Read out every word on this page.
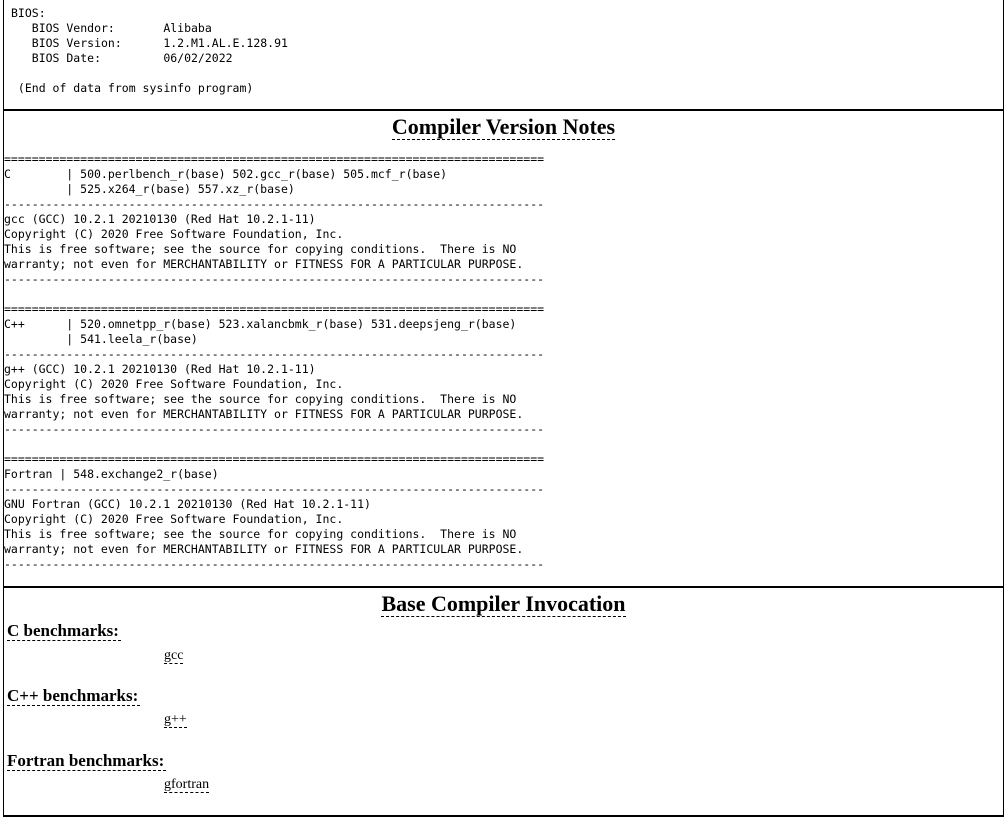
BIOS:
BIOS Vendor:       Alibaba
BIOS Version:      1.2.M1.AL.E.128.91
BIOS Date:         06/02/2022

(End of data from sysinfo program)
Compiler Version Notes
==============================================================================
C        | 500.perlbench_r(base) 502.gcc_r(base) 505.mcf_r(base)
| 525.x264_r(base) 557.xz_r(base)
------------------------------------------------------------------------------
gcc (GCC) 10.2.1 20210130 (Red Hat 10.2.1-11)
Copyright (C) 2020 Free Software Foundation, Inc.
This is free software; see the source for copying conditions.  There is NO
warranty; not even for MERCHANTABILITY or FITNESS FOR A PARTICULAR PURPOSE.
------------------------------------------------------------------------------

==============================================================================
C++      | 520.omnetpp_r(base) 523.xalancbmk_r(base) 531.deepsjeng_r(base)
| 541.leela_r(base)
------------------------------------------------------------------------------
g++ (GCC) 10.2.1 20210130 (Red Hat 10.2.1-11)
Copyright (C) 2020 Free Software Foundation, Inc.
This is free software; see the source for copying conditions.  There is NO
warranty; not even for MERCHANTABILITY or FITNESS FOR A PARTICULAR PURPOSE.
------------------------------------------------------------------------------

==============================================================================
Fortran | 548.exchange2_r(base)
------------------------------------------------------------------------------
GNU Fortran (GCC) 10.2.1 20210130 (Red Hat 10.2.1-11)
Copyright (C) 2020 Free Software Foundation, Inc.
This is free software; see the source for copying conditions.  There is NO
warranty; not even for MERCHANTABILITY or FITNESS FOR A PARTICULAR PURPOSE.
------------------------------------------------------------------------------
Base Compiler Invocation
C benchmarks:
gcc
C++ benchmarks:
g++
Fortran benchmarks:
gfortran
